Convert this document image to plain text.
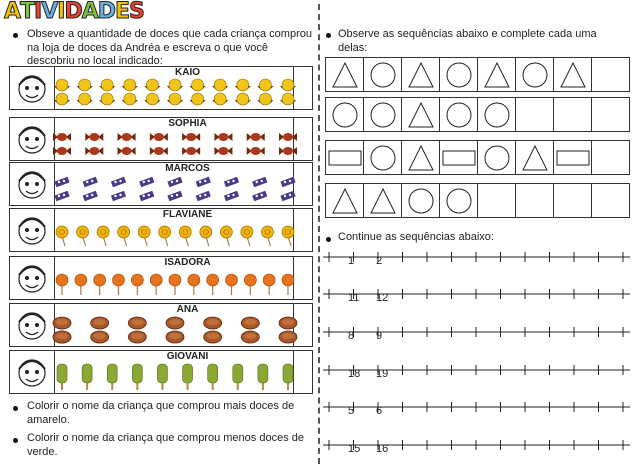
A T I V I D A D E S
Obseve a quantidade de doces que cada criança comprou
na loja de doces da Andréa e escreva o que você
descobriu no local indicado:
KAIO
SOPHIA
MARCOS
FLAVIANE
ISADORA
ANA
GIOVANI
Colorir o nome da criança que comprou mais doces de
amarelo.
Colorir o nome da criança que comprou menos doces de
verde.
Observe as sequências abaixo e complete cada uma
delas:
Continue as sequências abaixo:
1 2
11 12
8 9
18 19
5 6
15 16
